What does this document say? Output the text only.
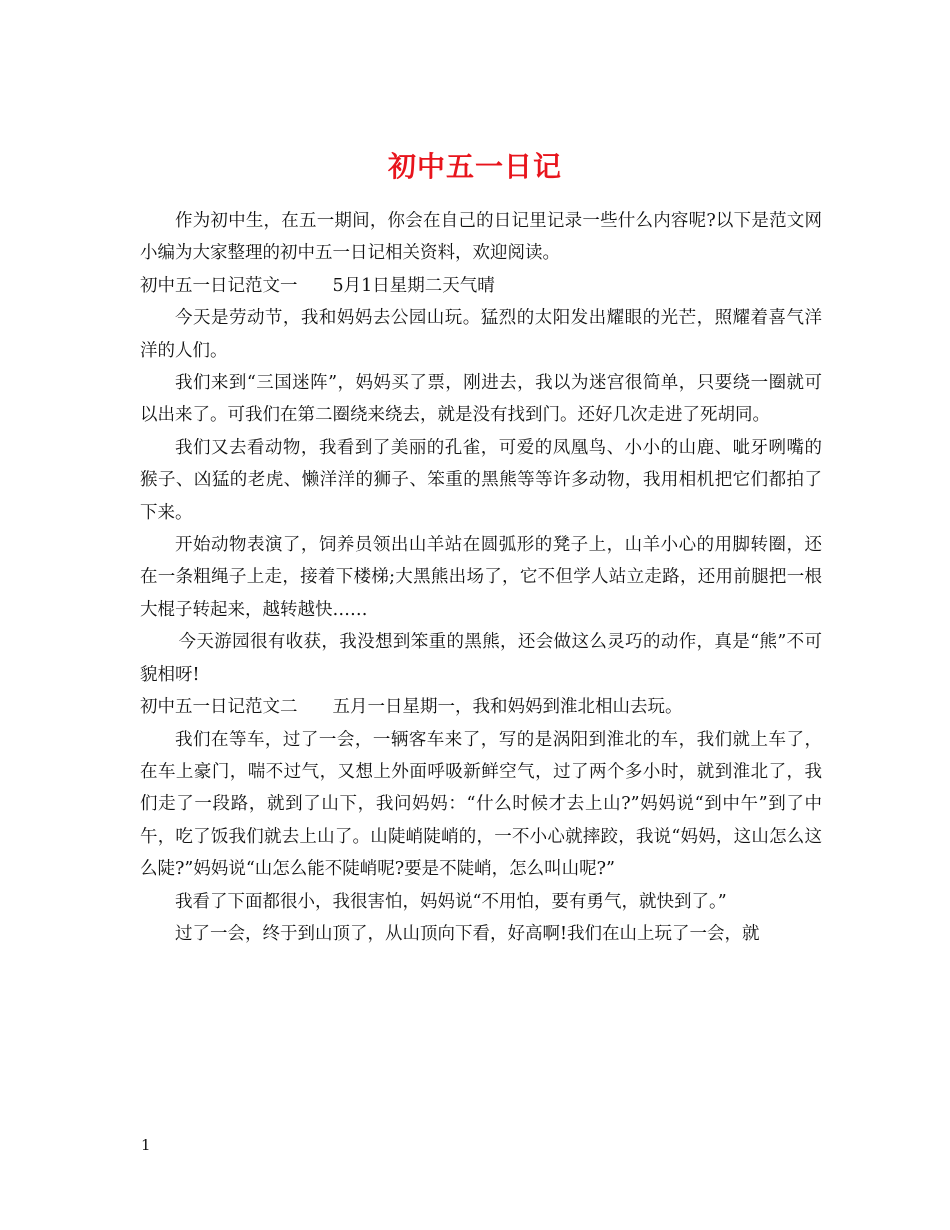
初中五一日记

作为初中生，在五一期间，你会在自己的日记里记录一些什么内容呢?以下是范文网小编为大家整理的初中五一日记相关资料，欢迎阅读。

初中五一日记范文一　　5月1日星期二天气晴

今天是劳动节，我和妈妈去公园山玩。猛烈的太阳发出耀眼的光芒，照耀着喜气洋洋的人们。

我们来到“三国迷阵”，妈妈买了票，刚进去，我以为迷宫很简单，只要绕一圈就可以出来了。可我们在第二圈绕来绕去，就是没有找到门。还好几次走进了死胡同。

我们又去看动物，我看到了美丽的孔雀，可爱的凤凰鸟、小小的山鹿、呲牙咧嘴的猴子、凶猛的老虎、懒洋洋的狮子、笨重的黑熊等等许多动物，我用相机把它们都拍了下来。

开始动物表演了，饲养员领出山羊站在圆弧形的凳子上，山羊小心的用脚转圈，还在一条粗绳子上走，接着下楼梯;大黑熊出场了，它不但学人站立走路，还用前腿把一根大棍子转起来，越转越快……

今天游园很有收获，我没想到笨重的黑熊，还会做这么灵巧的动作，真是“熊”不可貌相呀!

初中五一日记范文二　　五月一日星期一，我和妈妈到淮北相山去玩。

我们在等车，过了一会，一辆客车来了，写的是涡阳到淮北的车，我们就上车了，在车上豪门，喘不过气，又想上外面呼吸新鲜空气，过了两个多小时，就到淮北了，我们走了一段路，就到了山下，我问妈妈：“什么时候才去上山?”妈妈说“到中午”到了中午，吃了饭我们就去上山了。山陡峭陡峭的，一不小心就摔跤，我说“妈妈，这山怎么这么陡?”妈妈说“山怎么能不陡峭呢?要是不陡峭，怎么叫山呢?”

我看了下面都很小，我很害怕，妈妈说“不用怕，要有勇气，就快到了。”

过了一会，终于到山顶了，从山顶向下看，好高啊!我们在山上玩了一会，就

1
